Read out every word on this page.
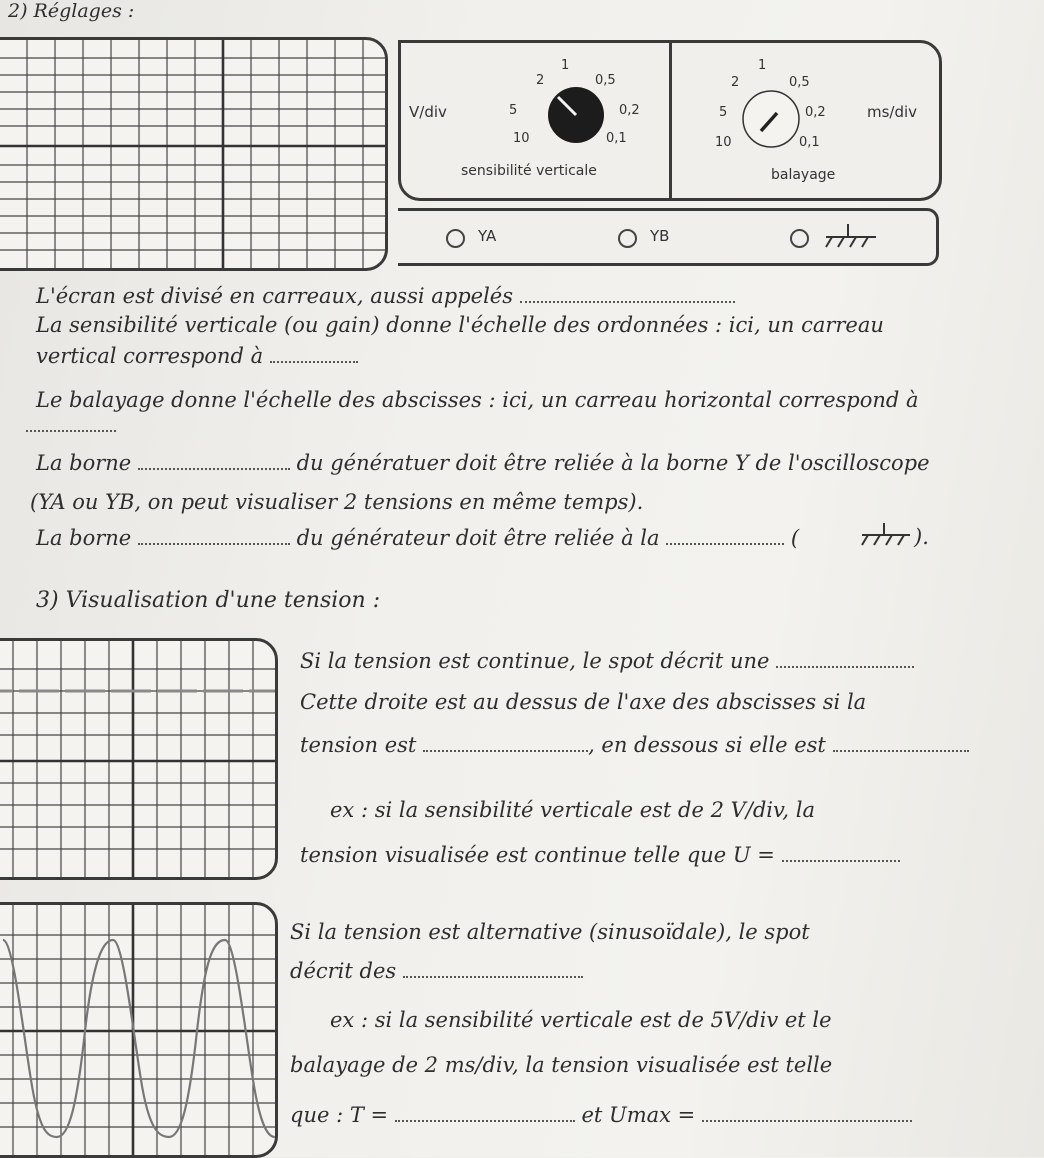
2) Réglages :
V/div
1
2	0,5
5	0,2
10	0,1
sensibilité verticale
1
2	0,5
5	0,2
10	0,1
ms/div
balayage
YA	YB
L'écran est divisé en carreaux, aussi appelés
La sensibilité verticale (ou gain) donne l'échelle des ordonnées : ici, un carreau
vertical correspond à
Le balayage donne l'échelle des abscisses : ici, un carreau horizontal correspond à
La borne	du génératuer doit être reliée à la borne Y de l'oscilloscope
(YA ou YB, on peut visualiser 2 tensions en même temps).
La borne	du générateur doit être reliée à la	(	).
3) Visualisation d'une tension :
Si la tension est continue, le spot décrit une
Cette droite est au dessus de l'axe des abscisses si la
tension est	, en dessous si elle est
ex : si la sensibilité verticale est de 2 V/div, la
tension visualisée est continue telle que U =
Si la tension est alternative (sinusoïdale), le spot
décrit des
ex : si la sensibilité verticale est de 5V/div et le
balayage de 2 ms/div, la tension visualisée est telle
que : T =	et Umax =
